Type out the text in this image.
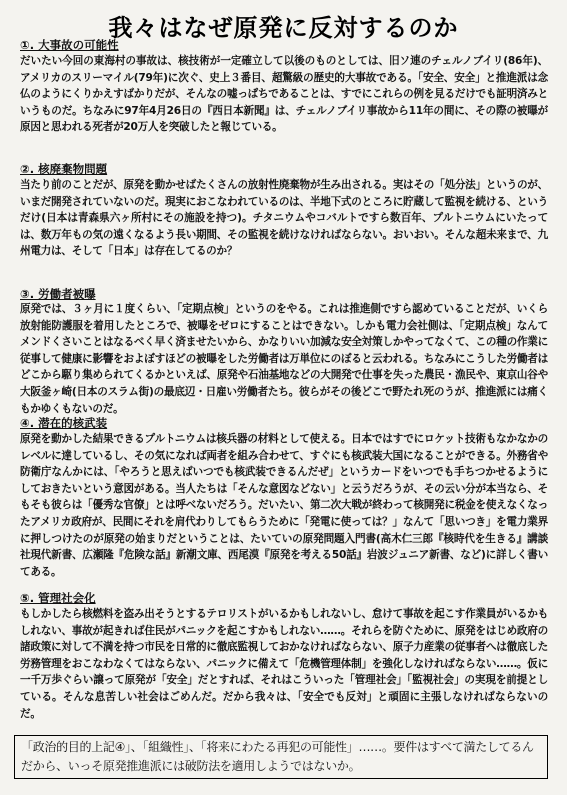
我々はなぜ原発に反対するのか
①. 大事故の可能性
だいたい今回の東海村の事故は、核技術が一定確立して以後のものとしては、旧ソ連のチェルノブイリ(86年)、アメリカのスリーマイル(79年)に次ぐ、史上３番目、超驚級の歴史的大事故である。「安全、安全」と推進派は念仏のようにくりかえすばかりだが、そんなの嘘っぱちであることは、すでにこれらの例を見るだけでも証明済みというものだ。ちなみに97年4月26日の『西日本新聞』は、チェルノブイリ事故から11年の間に、その際の被曝が原因と思われる死者が20万人を突破したと報じている。
②. 核廃棄物問題
当たり前のことだが、原発を動かせばたくさんの放射性廃棄物が生み出される。実はその「処分法」というのが、いまだ開発されていないのだ。現実におこなわれているのは、半地下式のところに貯蔵して監視を続ける、というだけ(日本は青森県六ヶ所村にその施設を持つ)。チタニウムやコバルトですら数百年、プルトニウムにいたっては、数万年もの気の遠くなるよう長い期間、その監視を続けなければならない。おいおい。そんな超未来まで、九州電力は、そして「日本」は存在してるのか？
③. 労働者被曝
原発では、３ヶ月に１度くらい、「定期点検」というのをやる。これは推進側ですら認めていることだが、いくら放射能防護服を着用したところで、被曝をゼロにすることはできない。しかも電力会社側は、「定期点検」なんてメンドくさいことはなるべく早く済ませたいから、かなりいい加減な安全対策しかやってなくて、この種の作業に従事して健康に影響をおよぼすほどの被曝をした労働者は万単位にのぼると云われる。ちなみにこうした労働者はどこから駆り集められてくるかといえば、原発や石油基地などの大開発で仕事を失った農民・漁民や、東京山谷や大阪釜ヶ崎(日本のスラム街)の最底辺・日雇い労働者たち。彼らがその後どこで野たれ死のうが、推進派には痛くもかゆくもないのだ。
④. 潜在的核武装
原発を動かした結果できるプルトニウムは核兵器の材料として使える。日本ではすでにロケット技術もなかなかのレベルに達しているし、その気になれば両者を組み合わせて、すぐにも核武装大国になることができる。外務省や防衛庁なんかには、「やろうと思えばいつでも核武装できるんだぜ」というカードをいつでも手ちつかせるようにしておきたいという意図がある。当人たちは「そんな意図などない」と云うだろうが、その云い分が本当なら、そもそも彼らは「優秀な官僚」とは呼べないだろう。だいたい、第二次大戦が終わって核開発に税金を使えなくなったアメリカ政府が、民間にそれを肩代わりしてもらうために「発電に使っては？」なんて「思いつき」を電力業界に押しつけたのが原発の始まりだということは、たいていの原発問題入門書(高木仁三郎『核時代を生きる』講談社現代新書、広瀬隆『危険な話』新潮文庫、西尾漠『原発を考える50話』岩波ジュニア新書、など)に詳しく書いてある。
⑤. 管理社会化
もしかしたら核燃料を盗み出そうとするテロリストがいるかもしれないし、怠けて事故を起こす作業員がいるかもしれない、事故が起きれば住民がパニックを起こすかもしれない……。それらを防ぐために、原発をはじめ政府の諸政策に対して不満を持つ市民を日常的に徹底監視しておかなければならない、原子力産業の従事者へは徹底した労務管理をおこなわなくてはならない、パニックに備えて「危機管理体制」を強化しなければならない……。仮に一千万歩ぐらい譲って原発が「安全」だとすれば、それはこういった「管理社会」「監視社会」の実現を前提としている。そんな息苦しい社会はごめんだ。だから我々は、「安全でも反対」と頑固に主張しなければならないのだ。
「政治的目的上記④」、「組織性」、「将来にわたる再犯の可能性」……。要件はすべて満たしてるんだから、いっそ原発推進派には破防法を適用しようではないか。
